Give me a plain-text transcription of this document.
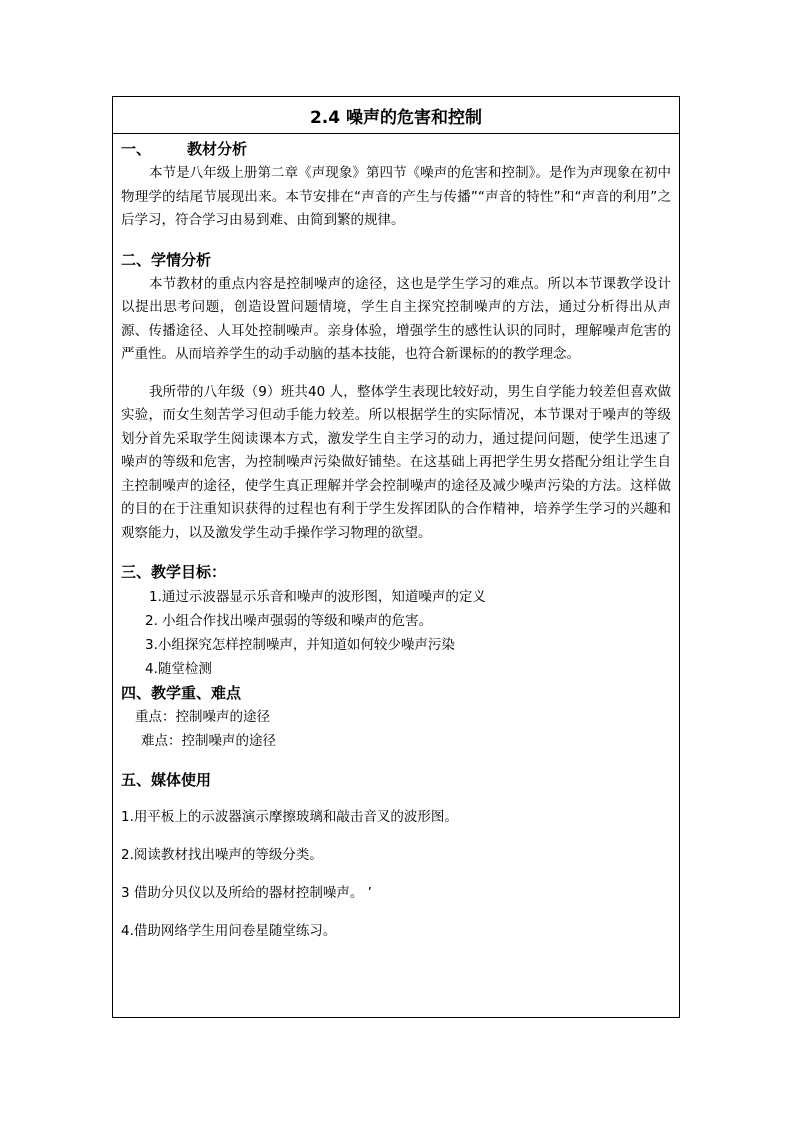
2.4 噪声的危害和控制

一、 教材分析

本节是八年级上册第二章《声现象》第四节《噪声的危害和控制》。是作为声现象在初中物理学的结尾节展现出来。本节安排在“声音的产生与传播”“声音的特性”和“声音的利用”之后学习，符合学习由易到难、由简到繁的规律。

二、学情分析

本节教材的重点内容是控制噪声的途径，这也是学生学习的难点。所以本节课教学设计以提出思考问题，创造设置问题情境，学生自主探究控制噪声的方法，通过分析得出从声源、传播途径、人耳处控制噪声。亲身体验，增强学生的感性认识的同时，理解噪声危害的严重性。从而培养学生的动手动脑的基本技能，也符合新课标的的教学理念。

我所带的八年级（9）班共40 人，整体学生表现比较好动，男生自学能力较差但喜欢做实验，而女生刻苦学习但动手能力较差。所以根据学生的实际情况，本节课对于噪声的等级划分首先采取学生阅读课本方式，激发学生自主学习的动力，通过提问问题，使学生迅速了噪声的等级和危害，为控制噪声污染做好铺垫。在这基础上再把学生男女搭配分组让学生自主控制噪声的途径，使学生真正理解并学会控制噪声的途径及减少噪声污染的方法。这样做的目的在于注重知识获得的过程也有利于学生发挥团队的合作精神，培养学生学习的兴趣和观察能力，以及激发学生动手操作学习物理的欲望。

三、教学目标：

1.通过示波器显示乐音和噪声的波形图，知道噪声的定义

2. 小组合作找出噪声强弱的等级和噪声的危害。

3.小组探究怎样控制噪声，并知道如何较少噪声污染

4.随堂检测

四、教学重、难点

重点：控制噪声的途径

难点：控制噪声的途径

五、媒体使用

1.用平板上的示波器演示摩擦玻璃和敲击音叉的波形图。

2.阅读教材找出噪声的等级分类。

3 借助分贝仪以及所给的器材控制噪声。 ’

4.借助网络学生用问卷星随堂练习。
